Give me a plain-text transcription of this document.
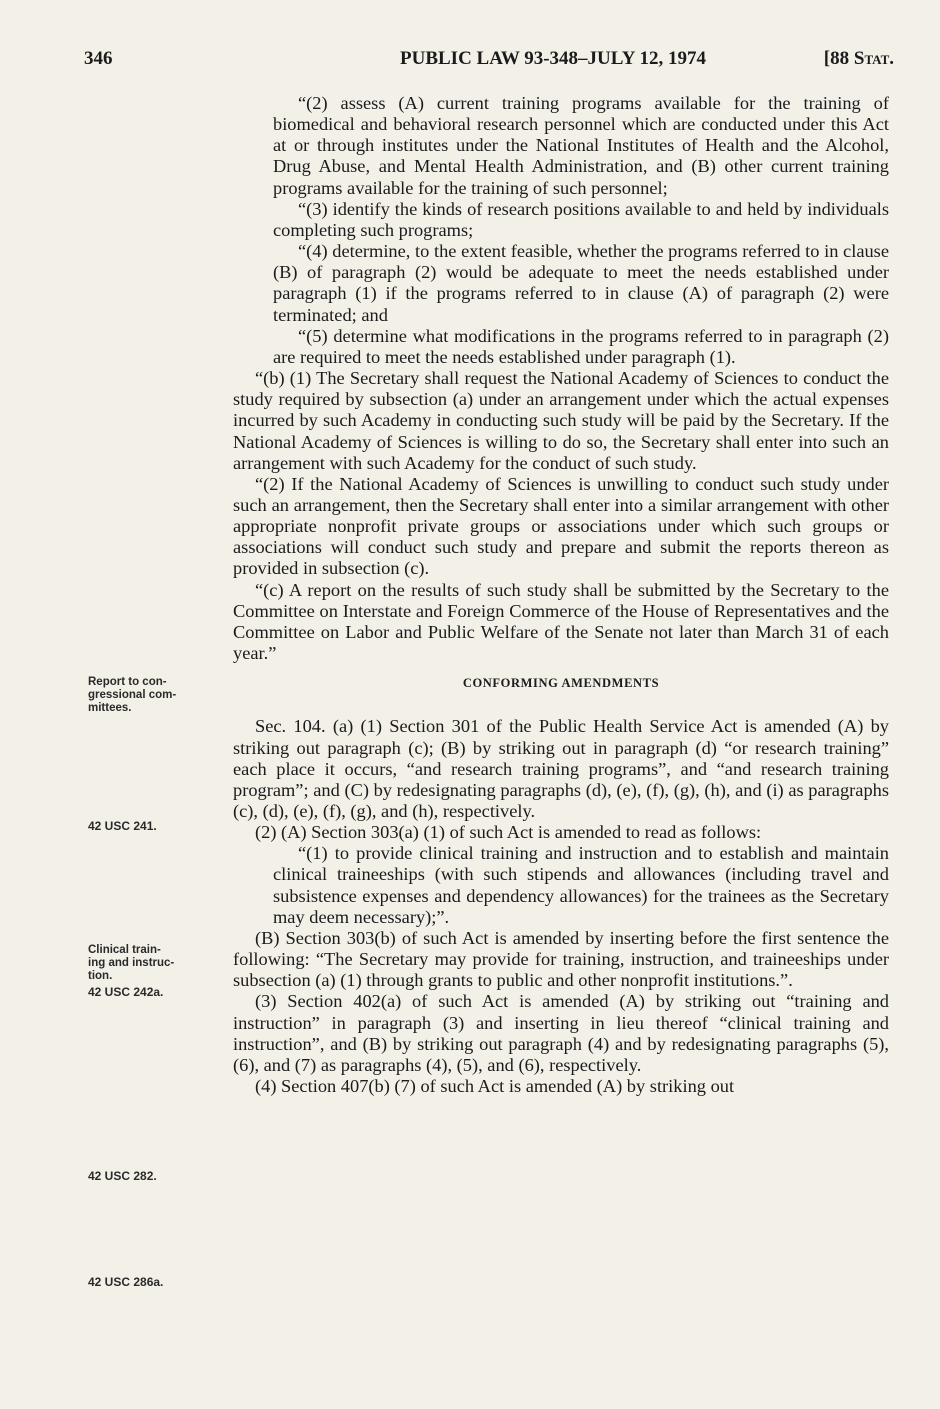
346	PUBLIC LAW 93-348–JULY 12, 1974	[88 Stat.

“(2) assess (A) current training programs available for the training of biomedical and behavioral research personnel which are conducted under this Act at or through institutes under the National Institutes of Health and the Alcohol, Drug Abuse, and Mental Health Administration, and (B) other current training programs available for the training of such personnel;

“(3) identify the kinds of research positions available to and held by individuals completing such programs;

“(4) determine, to the extent feasible, whether the programs referred to in clause (B) of paragraph (2) would be adequate to meet the needs established under paragraph (1) if the programs referred to in clause (A) of paragraph (2) were terminated; and

“(5) determine what modifications in the programs referred to in paragraph (2) are required to meet the needs established under paragraph (1).

“(b) (1) The Secretary shall request the National Academy of Sciences to conduct the study required by subsection (a) under an arrangement under which the actual expenses incurred by such Academy in conducting such study will be paid by the Secretary. If the National Academy of Sciences is willing to do so, the Secretary shall enter into such an arrangement with such Academy for the conduct of such study.

“(2) If the National Academy of Sciences is unwilling to conduct such study under such an arrangement, then the Secretary shall enter into a similar arrangement with other appropriate nonprofit private groups or associations under which such groups or associations will conduct such study and prepare and submit the reports thereon as provided in subsection (c).

“(c) A report on the results of such study shall be submitted by the Secretary to the Committee on Interstate and Foreign Commerce of the House of Representatives and the Committee on Labor and Public Welfare of the Senate not later than March 31 of each year.”

CONFORMING AMENDMENTS

Sec. 104. (a) (1) Section 301 of the Public Health Service Act is amended (A) by striking out paragraph (c); (B) by striking out in paragraph (d) “or research training” each place it occurs, “and research training programs”, and “and research training program”; and (C) by redesignating paragraphs (d), (e), (f), (g), (h), and (i) as paragraphs (c), (d), (e), (f), (g), and (h), respectively.

(2) (A) Section 303(a) (1) of such Act is amended to read as follows:

“(1) to provide clinical training and instruction and to establish and maintain clinical traineeships (with such stipends and allowances (including travel and subsistence expenses and dependency allowances) for the trainees as the Secretary may deem necessary);”.

(B) Section 303(b) of such Act is amended by inserting before the first sentence the following: “The Secretary may provide for training, instruction, and traineeships under subsection (a) (1) through grants to public and other nonprofit institutions.”.

(3) Section 402(a) of such Act is amended (A) by striking out “training and instruction” in paragraph (3) and inserting in lieu thereof “clinical training and instruction”, and (B) by striking out paragraph (4) and by redesignating paragraphs (5), (6), and (7) as paragraphs (4), (5), and (6), respectively.

(4) Section 407(b) (7) of such Act is amended (A) by striking out

Report to con-
gressional com-
mittees.
42 USC 241.
Clinical train-
ing and instruc-
tion.
42 USC 242a.
42 USC 282.
42 USC 286a.
